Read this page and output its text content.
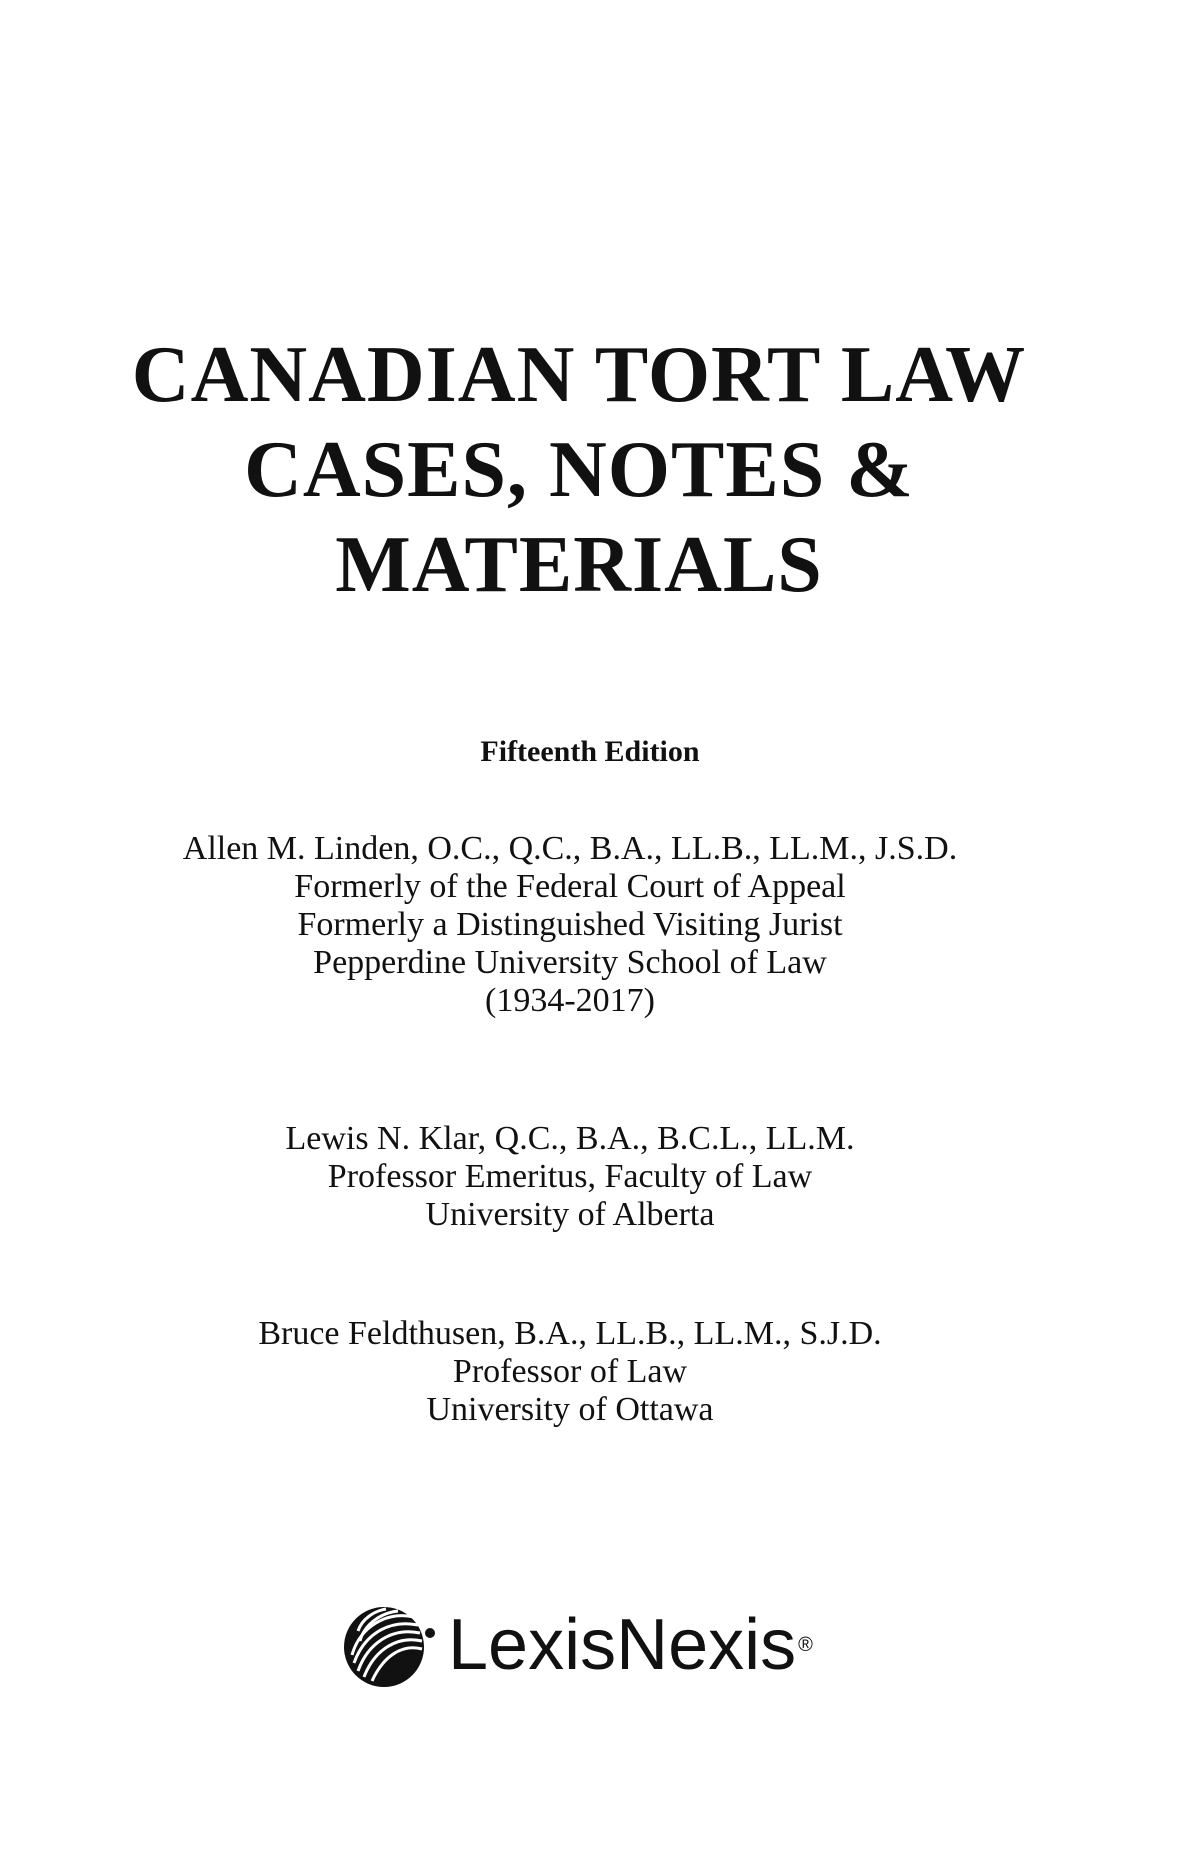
CANADIAN TORT LAW
CASES, NOTES &
MATERIALS
Fifteenth Edition
Allen M. Linden, O.C., Q.C., B.A., LL.B., LL.M., J.S.D.
Formerly of the Federal Court of Appeal
Formerly a Distinguished Visiting Jurist
Pepperdine University School of Law
(1934-2017)
Lewis N. Klar, Q.C., B.A., B.C.L., LL.M.
Professor Emeritus, Faculty of Law
University of Alberta
Bruce Feldthusen, B.A., LL.B., LL.M., S.J.D.
Professor of Law
University of Ottawa
LexisNexis ®
